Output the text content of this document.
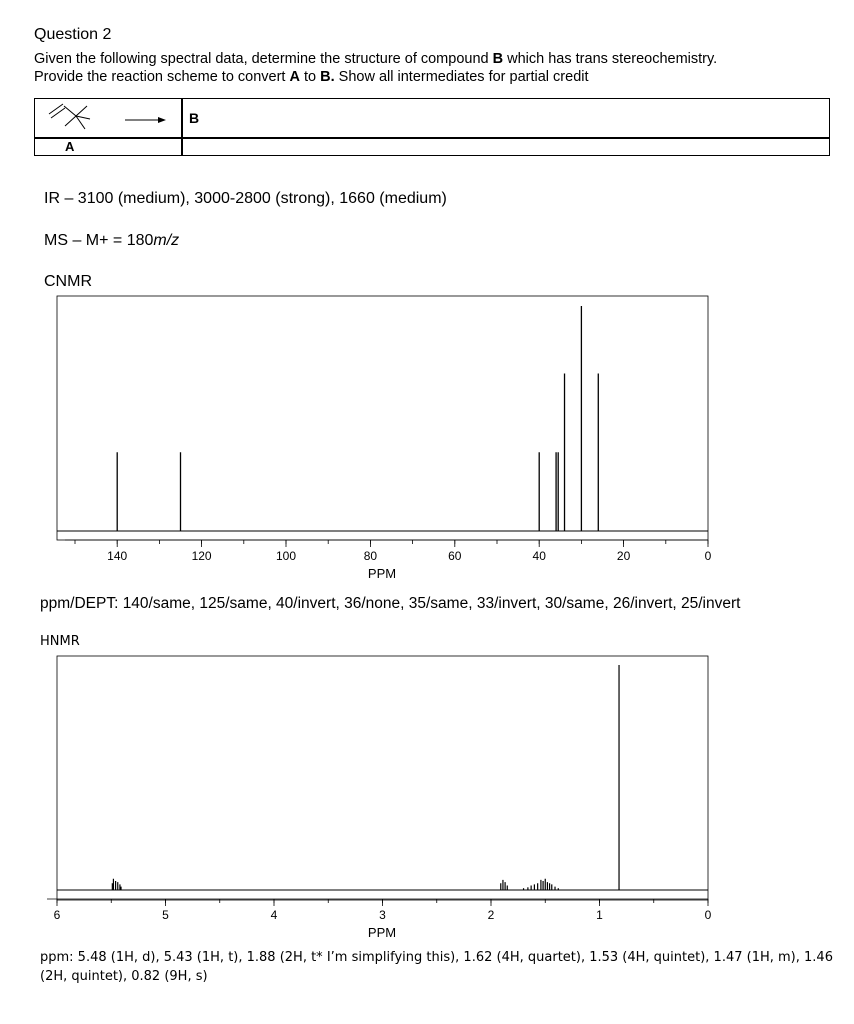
Question 2
Given the following spectral data, determine the structure of compound B which has trans stereochemistry.
Provide the reaction scheme to convert A to B. Show all intermediates for partial credit
B
A
IR – 3100 (medium), 3000-2800 (strong), 1660 (medium)
MS – M+ = 180m/z
CNMR
140	120	100	80	60	40	20	0
PPM
ppm/DEPT: 140/same, 125/same, 40/invert, 36/none, 35/same, 33/invert, 30/same, 26/invert, 25/invert
HNMR
6	5	4	3	2	1	0
PPM
ppm: 5.48 (1H, d), 5.43 (1H, t), 1.88 (2H, t* I’m simplifying this), 1.62 (4H, quartet), 1.53 (4H, quintet), 1.47 (1H, m), 1.46 (2H, quintet), 0.82 (9H, s)
